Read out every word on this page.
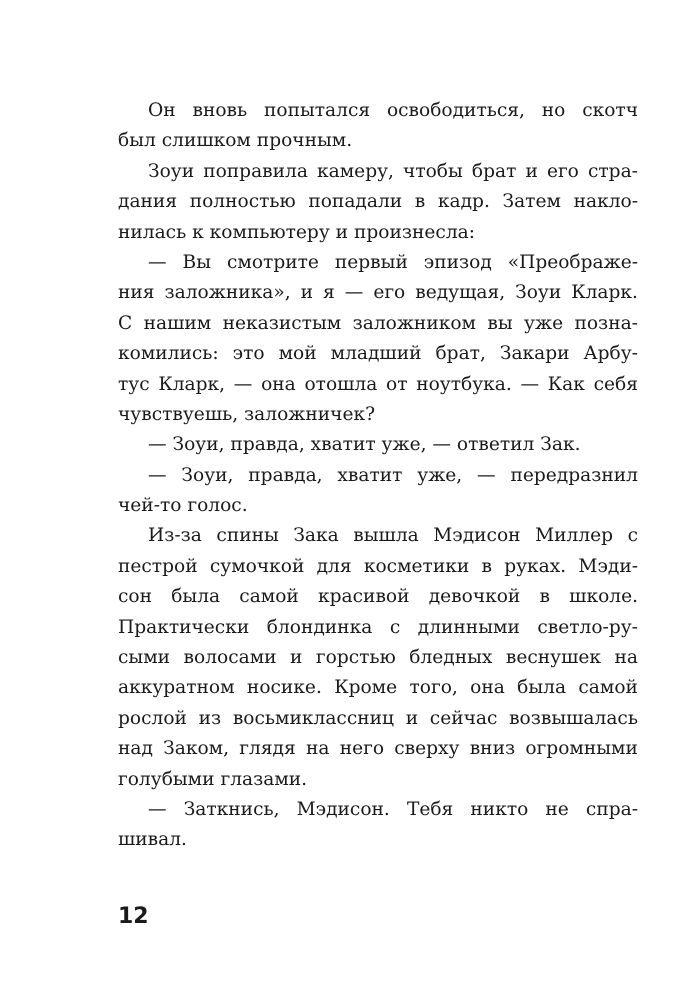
Он вновь попытался освободиться, но скотч
был слишком прочным.
Зоуи поправила камеру, чтобы брат и его стра-
дания полностью попадали в кадр. Затем накло-
нилась к компьютеру и произнесла:
— Вы смотрите первый эпизод «Преображе-
ния заложника», и я — его ведущая, Зоуи Кларк.
С нашим неказистым заложником вы уже позна-
комились: это мой младший брат, Закари Арбу-
тус Кларк, — она отошла от ноутбука. — Как себя
чувствуешь, заложничек?
— Зоуи, правда, хватит уже, — ответил Зак.
— Зоуи, правда, хватит уже, — передразнил
чей-то голос.
Из-за спины Зака вышла Мэдисон Миллер с
пестрой сумочкой для косметики в руках. Мэди-
сон была самой красивой девочкой в школе.
Практически блондинка с длинными светло-ру-
сыми волосами и горстью бледных веснушек на
аккуратном носике. Кроме того, она была самой
рослой из восьмиклассниц и сейчас возвышалась
над Заком, глядя на него сверху вниз огромными
голубыми глазами.
— Заткнись, Мэдисон. Тебя никто не спра-
шивал.
12
